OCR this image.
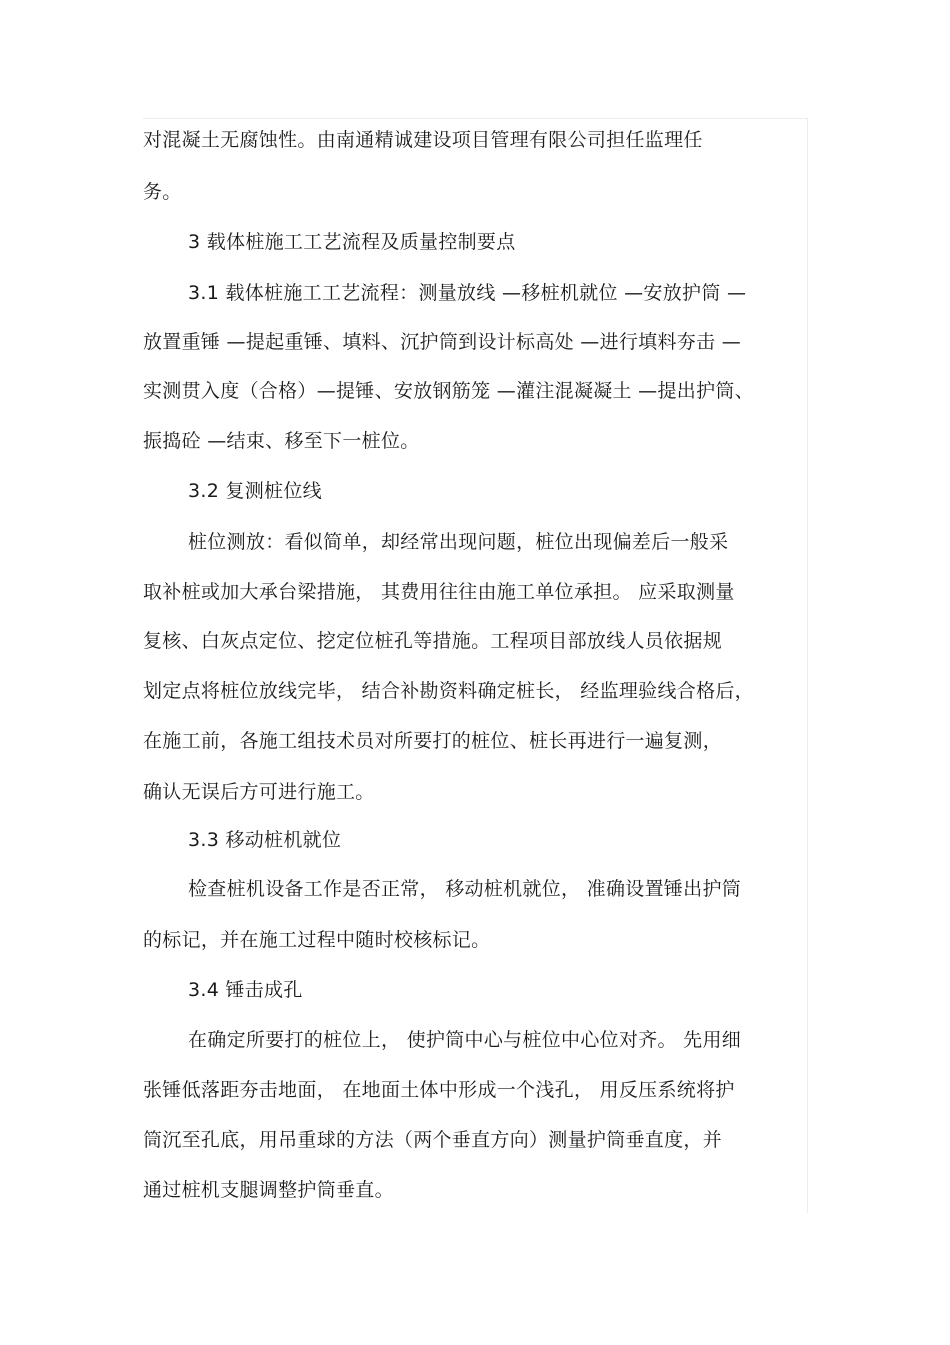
对混凝土无腐蚀性。由南通精诚建设项目管理有限公司担任监理任
务。
3 载体桩施工工艺流程及质量控制要点
3.1 载体桩施工工艺流程：测量放线 —移桩机就位 —安放护筒 —
放置重锤 —提起重锤、填料、沉护筒到设计标高处 —进行填料夯击 —
实测贯入度（合格）—提锤、安放钢筋笼 —灌注混凝凝土 —提出护筒、
振捣砼 —结束、移至下一桩位。
3.2 复测桩位线
桩位测放：看似简单，却经常出现问题，桩位出现偏差后一般采
取补桩或加大承台梁措施， 其费用往往由施工单位承担。 应采取测量
复核、白灰点定位、挖定位桩孔等措施。工程项目部放线人员依据规
划定点将桩位放线完毕， 结合补勘资料确定桩长， 经监理验线合格后，
在施工前，各施工组技术员对所要打的桩位、桩长再进行一遍复测，
确认无误后方可进行施工。
3.3 移动桩机就位
检查桩机设备工作是否正常， 移动桩机就位， 准确设置锤出护筒
的标记，并在施工过程中随时校核标记。
3.4 锤击成孔
在确定所要打的桩位上， 使护筒中心与桩位中心位对齐。 先用细
张锤低落距夯击地面， 在地面土体中形成一个浅孔， 用反压系统将护
筒沉至孔底，用吊重球的方法（两个垂直方向）测量护筒垂直度，并
通过桩机支腿调整护筒垂直。
